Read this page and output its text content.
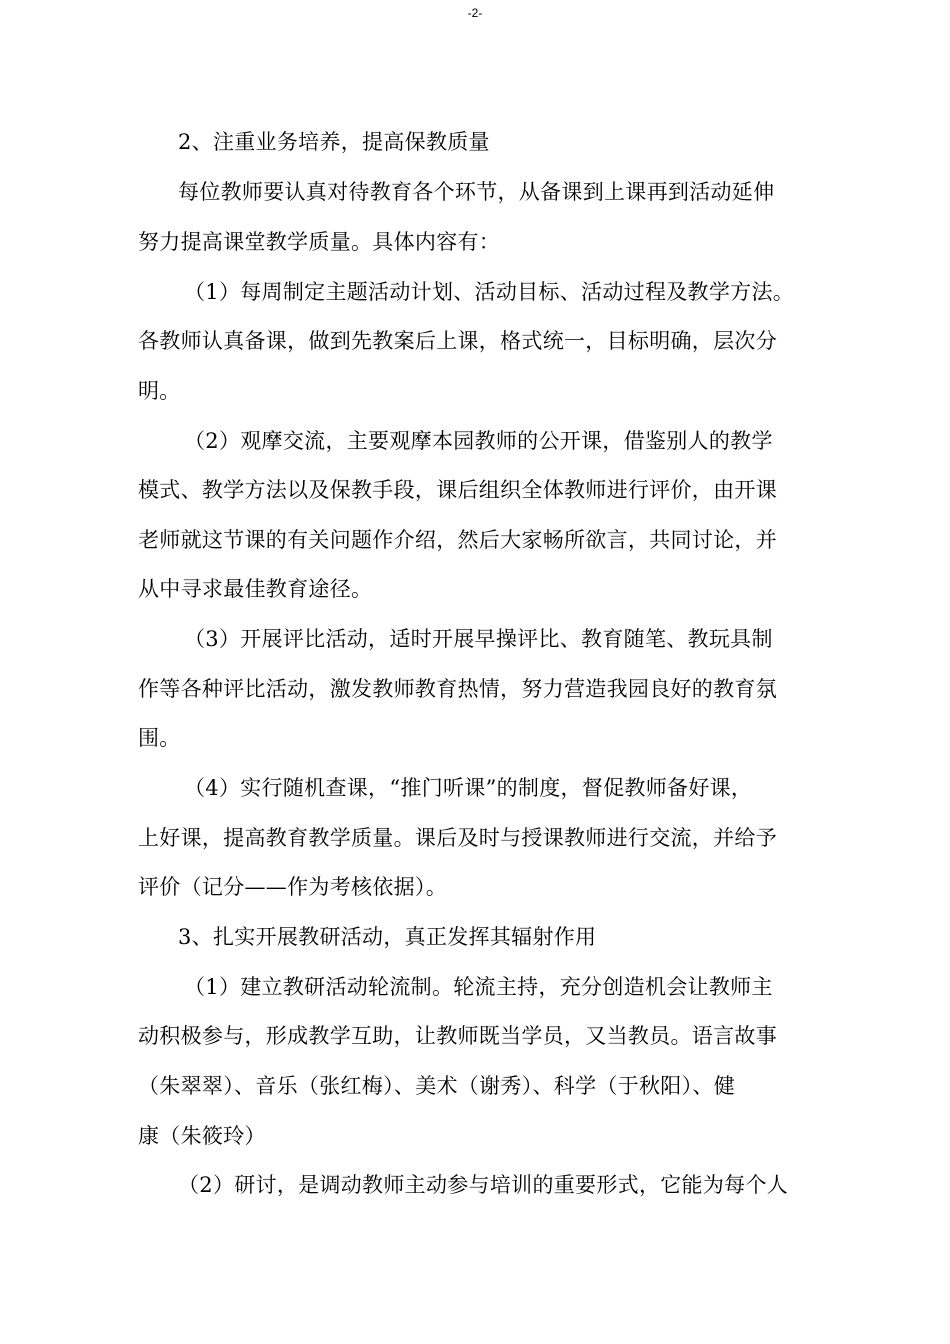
-2-
2、注重业务培养，提高保教质量
每位教师要认真对待教育各个环节，从备课到上课再到活动延伸
努力提高课堂教学质量。具体内容有：
（1）每周制定主题活动计划、活动目标、活动过程及教学方法。
各教师认真备课，做到先教案后上课，格式统一，目标明确，层次分
明。
（2）观摩交流，主要观摩本园教师的公开课，借鉴别人的教学
模式、教学方法以及保教手段，课后组织全体教师进行评价，由开课
老师就这节课的有关问题作介绍，然后大家畅所欲言，共同讨论，并
从中寻求最佳教育途径。
（3）开展评比活动，适时开展早操评比、教育随笔、教玩具制
作等各种评比活动，激发教师教育热情，努力营造我园良好的教育氛
围。
（4）实行随机查课，“推门听课”的制度，督促教师备好课，
上好课，提高教育教学质量。课后及时与授课教师进行交流，并给予
评价（记分——作为考核依据）。
3、扎实开展教研活动，真正发挥其辐射作用
（1）建立教研活动轮流制。轮流主持，充分创造机会让教师主
动积极参与，形成教学互助，让教师既当学员，又当教员。语言故事
（朱翠翠）、音乐（张红梅）、美术（谢秀）、科学（于秋阳）、健
康（朱筱玲）
（2）研讨，是调动教师主动参与培训的重要形式，它能为每个人
